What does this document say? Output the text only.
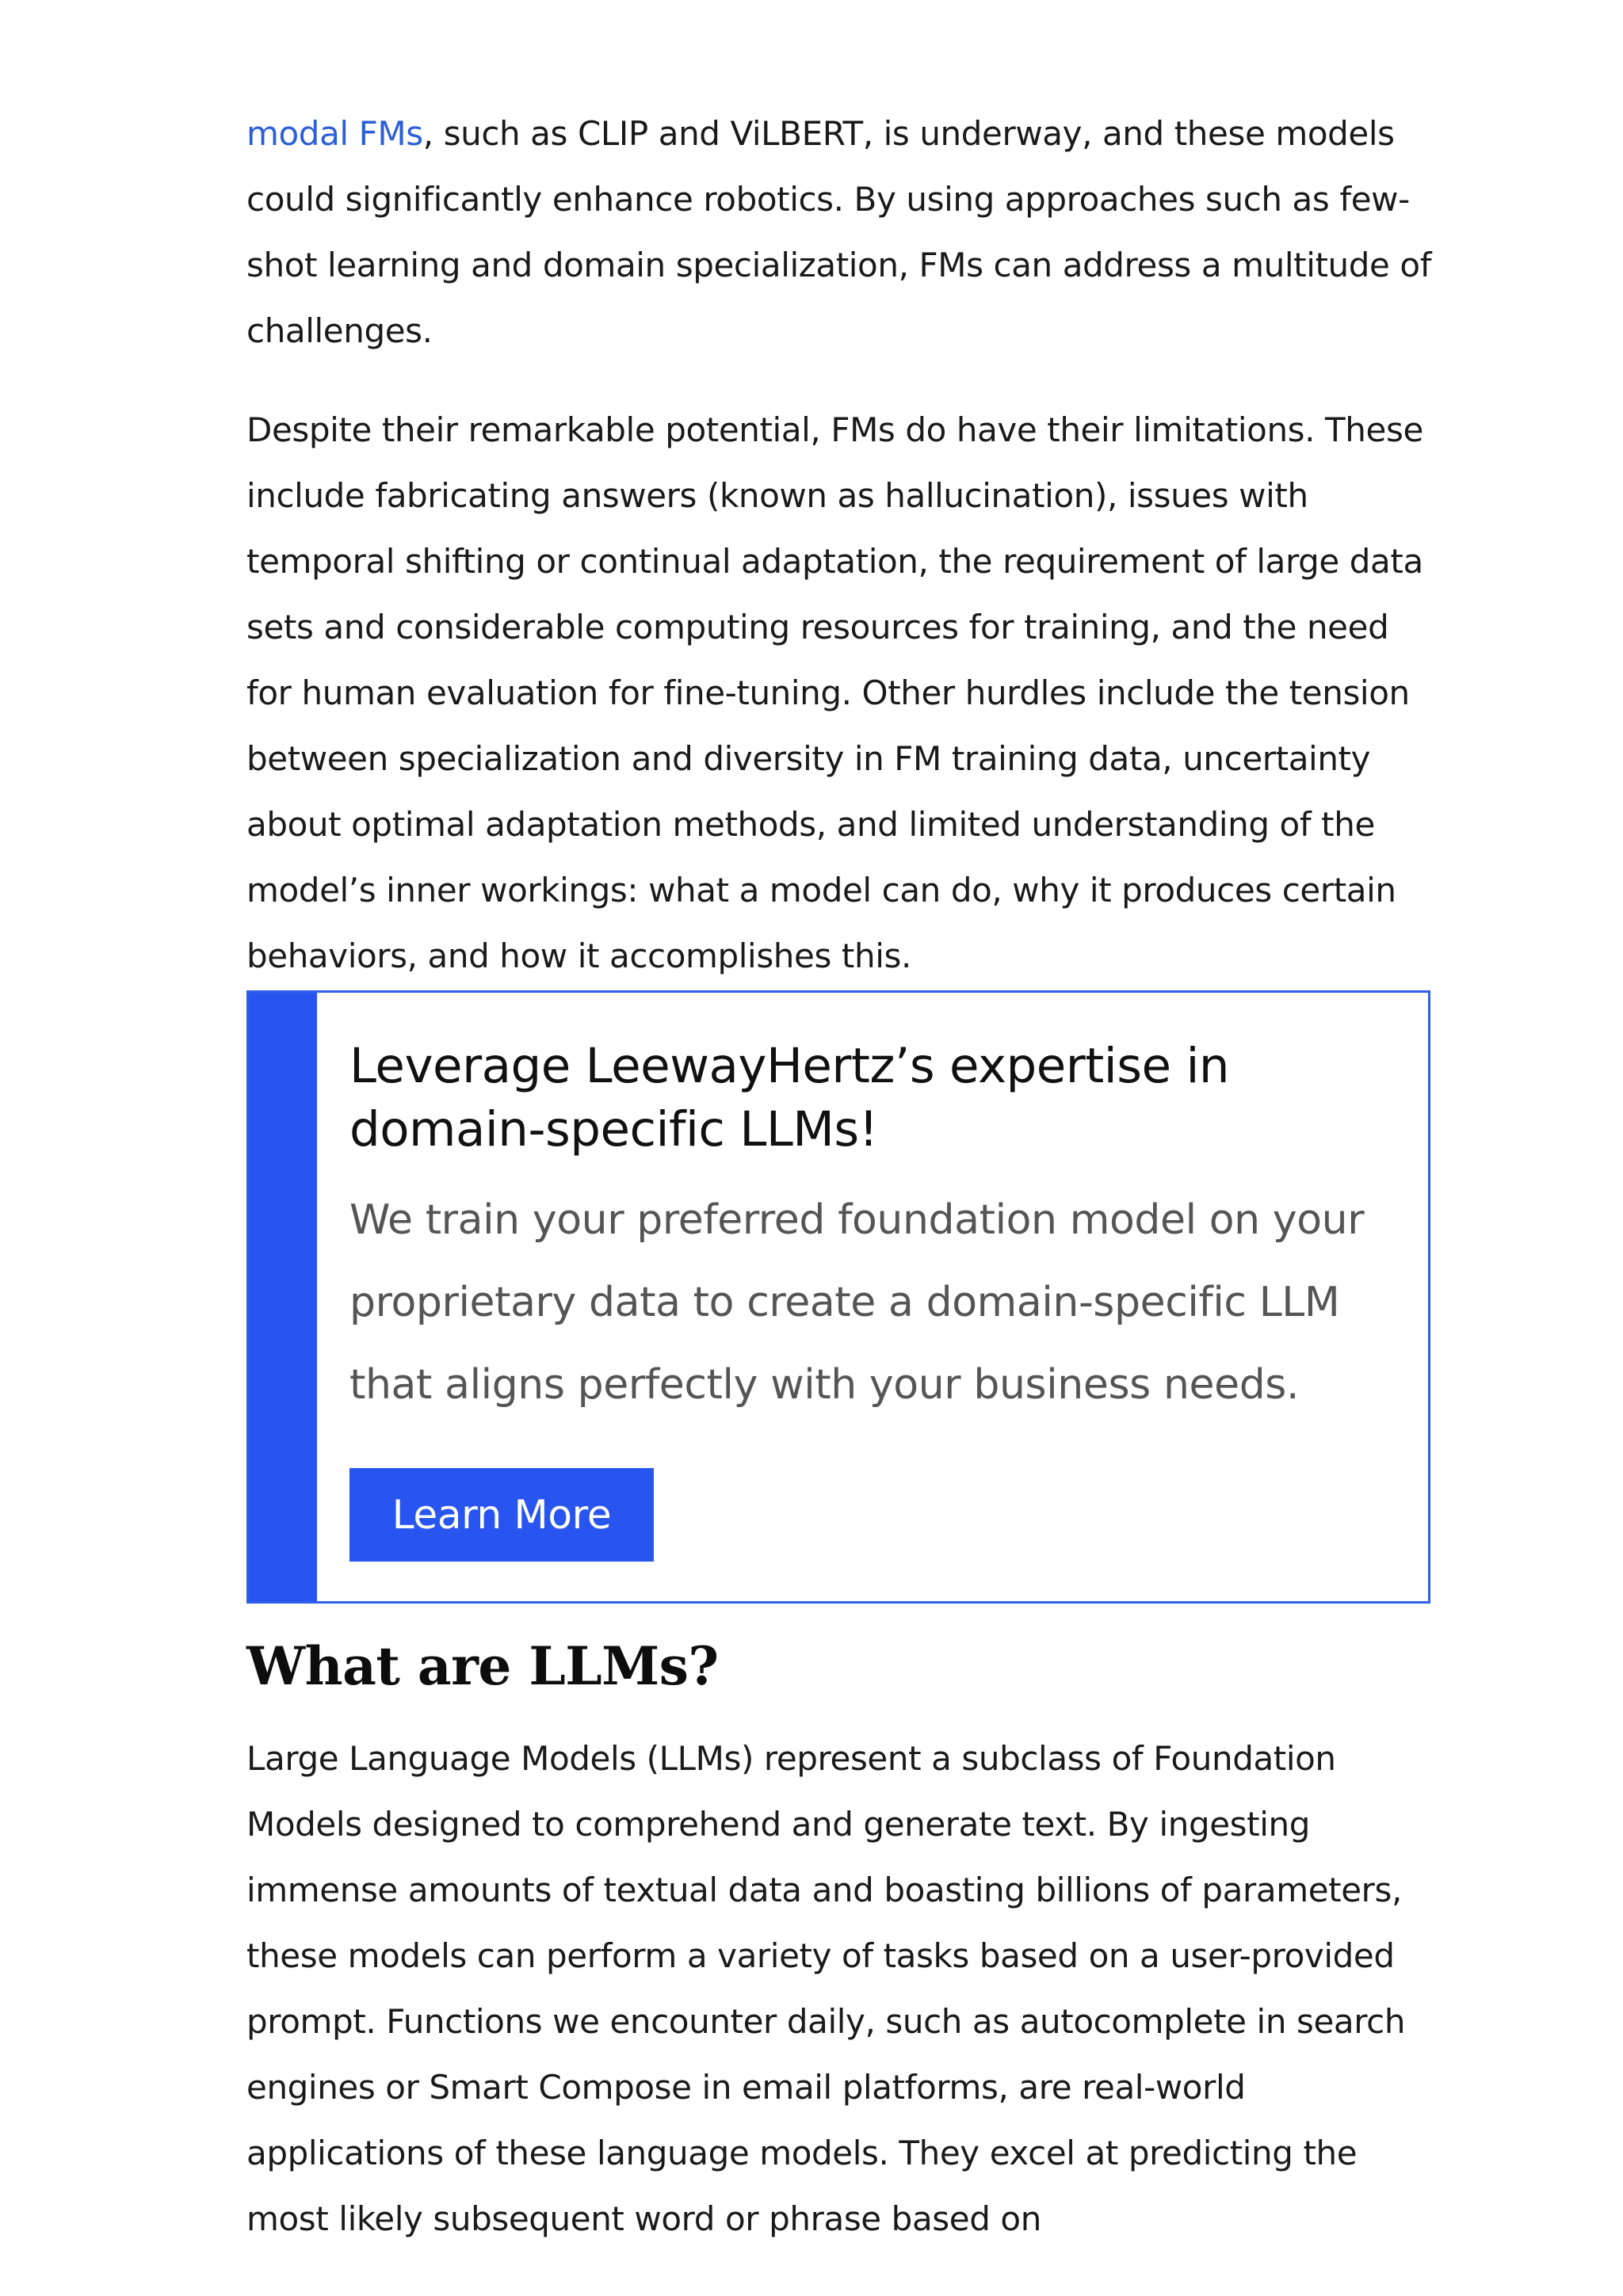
modal FMs, such as CLIP and ViLBERT, is underway, and these models could significantly enhance robotics. By using approaches such as few-shot learning and domain specialization, FMs can address a multitude of challenges.

Despite their remarkable potential, FMs do have their limitations. These include fabricating answers (known as hallucination), issues with temporal shifting or continual adaptation, the requirement of large data sets and considerable computing resources for training, and the need for human evaluation for fine-tuning. Other hurdles include the tension between specialization and diversity in FM training data, uncertainty about optimal adaptation methods, and limited understanding of the model’s inner workings: what a model can do, why it produces certain behaviors, and how it accomplishes this.

Leverage LeewayHertz’s expertise in domain-specific LLMs!

We train your preferred foundation model on your proprietary data to create a domain-specific LLM that aligns perfectly with your business needs.

Learn More
What are LLMs?

Large Language Models (LLMs) represent a subclass of Foundation Models designed to comprehend and generate text. By ingesting immense amounts of textual data and boasting billions of parameters, these models can perform a variety of tasks based on a user-provided prompt. Functions we encounter daily, such as autocomplete in search engines or Smart Compose in email platforms, are real-world applications of these language models. They excel at predicting the most likely subsequent word or phrase based on
